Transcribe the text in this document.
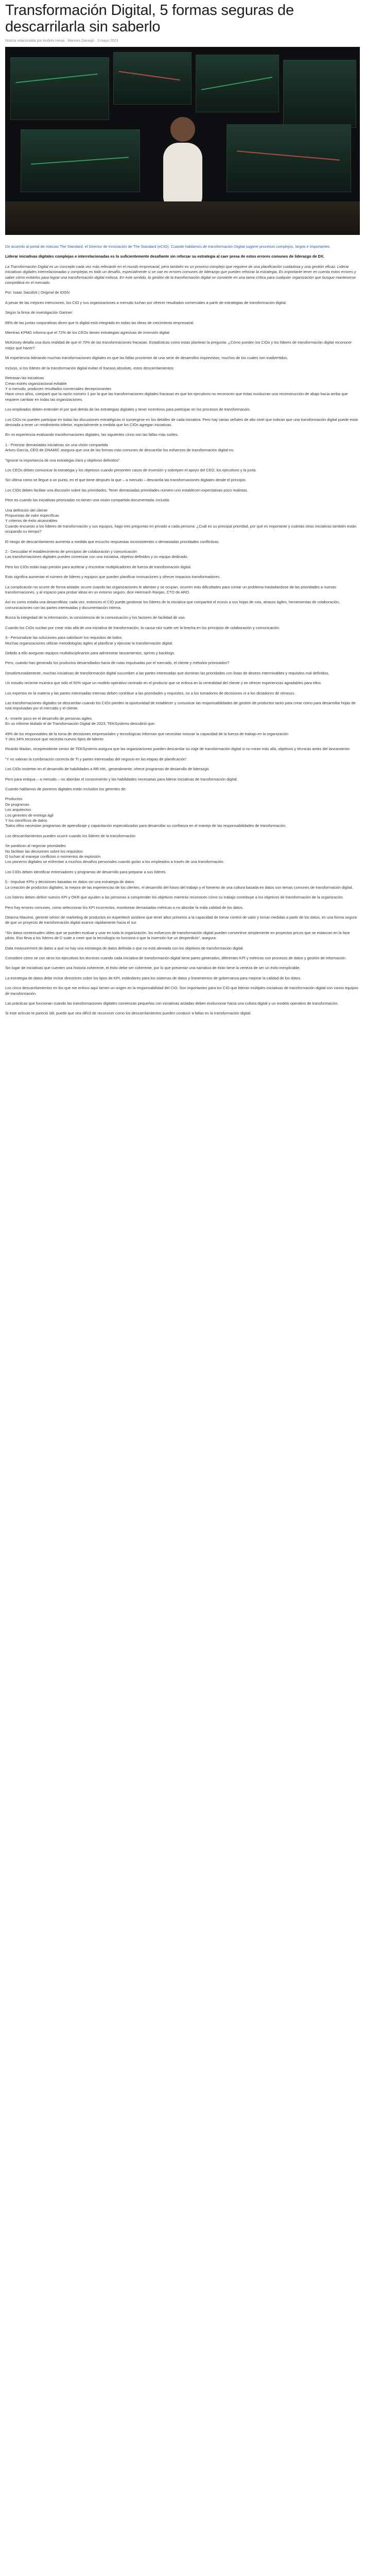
Transformación Digital, 5 formas seguras de descarrilarla sin saberlo
Noticia relacionada por Andrés Hevia · Marines Danegó · 3 mayo 2023

De acuerdo al portal de noticias The Standard, el Director de Innovación de The Standard (eCIO). Cuando hablamos de transformación Digital sugiere procesos complejos, largos e importantes.

Liderar iniciativas digitales complejas e interrelacionadas es lo suficientemente desafiante sin reforzar su estrategia al caer presa de estos errores comunes de liderazgo de DX.

La Transformación Digital es un concepto cada vez más relevante en el mundo empresarial, pero también es un proceso complejo que requiere de una planificación cuidadosa y una gestión eficaz. Liderar iniciativas digitales interrelacionadas y complejas es todo un desafío, especialmente si se cae en errores comunes de liderazgo que pueden reforzar la estrategia. Es importante tener en cuenta estos errores y saber cómo evitarlos para lograr una transformación digital exitosa. En este sentido, la gestión de la transformación digital se convierte en una tarea crítica para cualquier organización que busque mantenerse competitiva en el mercado.

Por: Isaac Sacolick | Original de IDGN

A pesar de las mejores intenciones, los CIO y sus organizaciones a menudo luchan por ofrecer resultados comerciales a partir de estrategias de transformación digital.

Según la firma de investigación Gartner:

89% de las juntas corporativas dicen que lo digital está integrado en todas las ideas de crecimiento empresarial.

Mientras KPMG informa que el 72% de los CEOs tienen estrategias agresivas de inversión digital.

McKinsey detalla una dura realidad de que el 70% de las transformaciones fracasan. Estadísticas como estas plantean la pregunta: ¿Cómo pueden los CIOs y los líderes de transformación digital reconocer mejor qué hacer?

Mi experiencia liderando muchas transformaciones digitales es que las fallas provienen de una serie de desarrollos imprevistos, muchos de los cuales son inadvertidos.

Incluso, si los líderes de la transformación digital evitan el fracaso absoluto, estos descarrilamientos:

Retrasan las iniciativas
Crean estrés organizacional evitable
Y a menudo, producen resultados comerciales decepcionantes
Hace cinco años, compartí que la razón número 1 por la que las transformaciones digitales fracasan es que los ejecutivos no reconocen que éstas involucran una reconstrucción de abajo hacia arriba que requiere cambiar en todas las organizaciones.

Los empleados deben entender el por qué detrás de las estrategias digitales y tener incentivos para participar en los procesos de transformación.

Los CIOs no pueden participar en todas las discusiones estratégicas ni sumergirse en los detalles de cada iniciativa. Pero hay varias señales de alto nivel que indican que una transformación digital puede estar desviada a tener un rendimiento inferior, especialmente a medida que los CIOs agregan iniciativas.

En mi experiencia evaluando transformaciones digitales, las siguientes cinco son las fallas más sutiles.

1.- Priorizar demasiadas iniciativas sin una visión compartida
Arturo García, CEO de DNAMIC asegura que una de las formas más comunes de descarrilar los esfuerzos de transformación digital es:

“Ignorar la importancia de una estrategia clara y objetivos definidos”.

Los CEOs deben comunicar la estrategia y los objetivos cuando presenten casos de inversión y sobrepen el apoyo del CEO, los ejecutivos y la junta.

Sin última como se llegue a un punto, en el que tiene después la que – a menudo – descarrila las transformaciones digitales desde el principio.

Los CIOs deben facilitar una discusión sobre las prioridades. Tener demasiadas prioridades número uno establecen expectativas poco realistas.

Peor es cuando las iniciativas priorizadas no tienen una visión compartida documentada, incluida:

Una definición del cliente
Propuestas de valor específicas
Y criterios de éxito alcanzables
Cuando encuesto a los líderes de transformación y sus equipos, hago tres preguntas en privado a cada persona: ¿Cuál es su principal prioridad, por qué es importante y cuántas otras iniciativas también están ocupando su tiempo?

El riesgo de descarrilamiento aumenta a medida que escucho respuestas inconsistentes o demasiadas prioridades conflictivas.

2.- Descuidar el establecimiento de principios de colaboración y comunicación
Las transformaciones digitales pueden comenzar con una iniciativa, objetivo definidos y un equipo dedicado.

Pero los CIOs están bajo presión para acelerar y encontrar multiplicadores de fuerza de transformación digital.

Esto significa aumentar el número de líderes y equipos que pueden planificar innovaciones y ofrecer impactos transformadores.

La complicación no ocurre de forma aislada: ocurre cuando las organizaciones le alientan y se ocupan, ocurren más dificultades para contar un problema trasladandose de las prioridades a nuevas transformaciones, y al espacio para probar ideas en un entorno seguro, dice Heemanh Ranjan, CTO de ARO.

Así es como estalla una desarrollista: cada vez, entonces el CIO puede gestionar los líderes de la iniciativa que compartirá el ecosis a sus hojas de ruta, atrasos ágiles, herramientas de colaboración, comunicaciones con las partes interesadas y documentación interna.

Busca la integridad de la información, la consistencia de la comunicación y los factores de facilidad de uso.

Cuando los CIOs sucitan por crear más allá de una iniciativa de transformación, la causa raíz suele ser la brecha en los principios de colaboración y comunicación.

3.- Personalizar las soluciones para satisfacer los requisitos de todos.
Muchas organizaciones utilizan metodologías ágiles al planificar y ejecutar la transformación digital.

Debido a ello aseguran equipos multidisciplinarios para administrar lanzamientos, sprints y backlogs.

Pero, cuando han generado los productos desarrollados hacia de rutas impulsadas por el mercado, el cliente y métodos priorizados?

Desafortunadamente, muchas iniciativas de transformación digital sucumben a las partes interesadas que dominan las prioridades con listas de deseos interminables y requisitos mal definidos.

Un estudio reciente muestra que sólo el 50% sigue un modelo operativo centrado en el producto que se enfoca en la centralidad del cliente y en ofrecer experiencias agradables para ellos.

Los expertos en la materia y las partes interesadas internas deben contribuir a las prioridades y requisitos, no a los tomadores de decisiones ni a los dictadores de retrasos.

Las transformaciones digitales se descarrilan cuando los CIOs pierden la oportunidad de establecer y comunicar las responsabilidades de gestión de productos tanto para crear como para desarrollar hojas de ruta impulsadas por el mercado y el cliente.

4.- Invertir poco en el desarrollo de personas ágiles
En un informe titulado el de Transformación Digital de 2023, TEKSystems descubrió que:

49% de los responsables de la toma de decisiones empresariales y tecnológicas informan que necesitan innovar la capacidad de la fuerza de trabajo en la organización
Y otro 34% reconoce que necesita nuevos tipos de talento

Ricardo Madan, vicepresidente senior de TEKSystems asegura que las organizaciones pueden descarrilar su viaje de transformación digital si no miran más allá, objetivos y técnicas antes del lanzamiento:

“Y no valoran la combinación correcta de TI y partes interesadas del negocio en las etapas de planificación”.

Los CIOs invierten en el desarrollo de habilidades a RR.HH., generalmente, ofrece programas de desarrollo de liderazgo.

Pero para entiqua – a menudo – no abordan el conocimiento y las habilidades necesarias para liderar iniciativas de transformación digital.

Cuando hablamos de pioneros digitales están incluidos los gerentes de:

Productos
De programas
Los arquitectos
Los gerentes de entrega ágil
Y los científicos de datos
Todos ellos necesitan programas de aprendizaje y capacitación especializados para desarrollar su confianza en el manejo de las responsabilidades de transformación.

Los descarrilamientos pueden ocurrir cuando los líderes de la transformación:

Se paralizan al negociar prioridades
No facilitan las decisiones sobre los requisitos
O luchan al manejar conflictos o momentos de explosión
Los pioneros digitales se enfrentan a muchos desafíos personales cuando guían a los empleados a través de una transformación.

Los CIOs deben identificar entrenadores y programas de desarrollo para preparar a sus líderes.

5.- Impulsar KPIs y decisiones basadas en datos sin una estrategia de datos
La creación de productos digitales, la mejora de las experiencias de los clientes, el desarrollo del futuro del trabajo y el fomento de una cultura basada en datos son temas comunes de transformación digital.

Los líderes deben definir nuevos KPI y OKR que ayuden a las personas a comprender los objetivos mientras reconocen cómo su trabajo contribuye a los objetivos de transformación de la organización.

Pero hay errores comunes, como seleccionar los KPI incorrectos, monitorear demasiadas métricas o no abordar la mala calidad de los datos.

Deanna Maurine, gerente sénior de marketing de productos en Asperitech sostiene que tener altos primeros a la capacidad de tomar control de valor y tomar medidas a partir de los datos, es una forma segura de que un proyecto de transformación digital avance rápidamente hacia el sur.

“Sin datos contextuales útiles que se pueden evaluar y usar en toda la organización, los esfuerzos de transformación digital pueden convertirse simplemente en proyectos pricos que se estancan en la fase piloto. Eso lleva a los líderes de C-suite a creer que la tecnología no funciona o que la inversión fue un desperdicio”, asegura.

Data measurement de datos a qué no hay una estrategia de datos definida o que no está alineada con los objetivos de transformación digital.

Considere cómo se con otros los ejecutivos los técnicos cuando cada iniciativa de transformación digital tiene pares generados, diferentes KPI y métricas con procesos de datos y gestión de información.

Sin lugar de iniciativas que cuenten una historia coherente, el éxito debe ser coherente, por lo que presentar una narrativa de éxito tiene la certeza de ser un éxito inexplicable.

La estrategia de datos debe incluir directrices sobre los tipos de KPI, estándares para los sistemas de datos y lineamientos de gobernanza para mejorar la calidad de los datos.

Los cinco descarrilamientos en los que me enfoco aquí tienen un origen en la responsabilidad del CIO. Son importantes para los CIO que lideran múltiples iniciativas de transformación digital con varios equipos de transformación.

Las prácticas que funcionan cuando las transformaciones digitales comienzan pequeñas con iniciativas aisladas deben evolucionar hacia una cultura digital y un modelo operativo de transformación.

Si este artículo te pareció útil, puede que sea difícil de reconocer como los descarrilamientos pueden conducir a fallas en la transformación digital.
